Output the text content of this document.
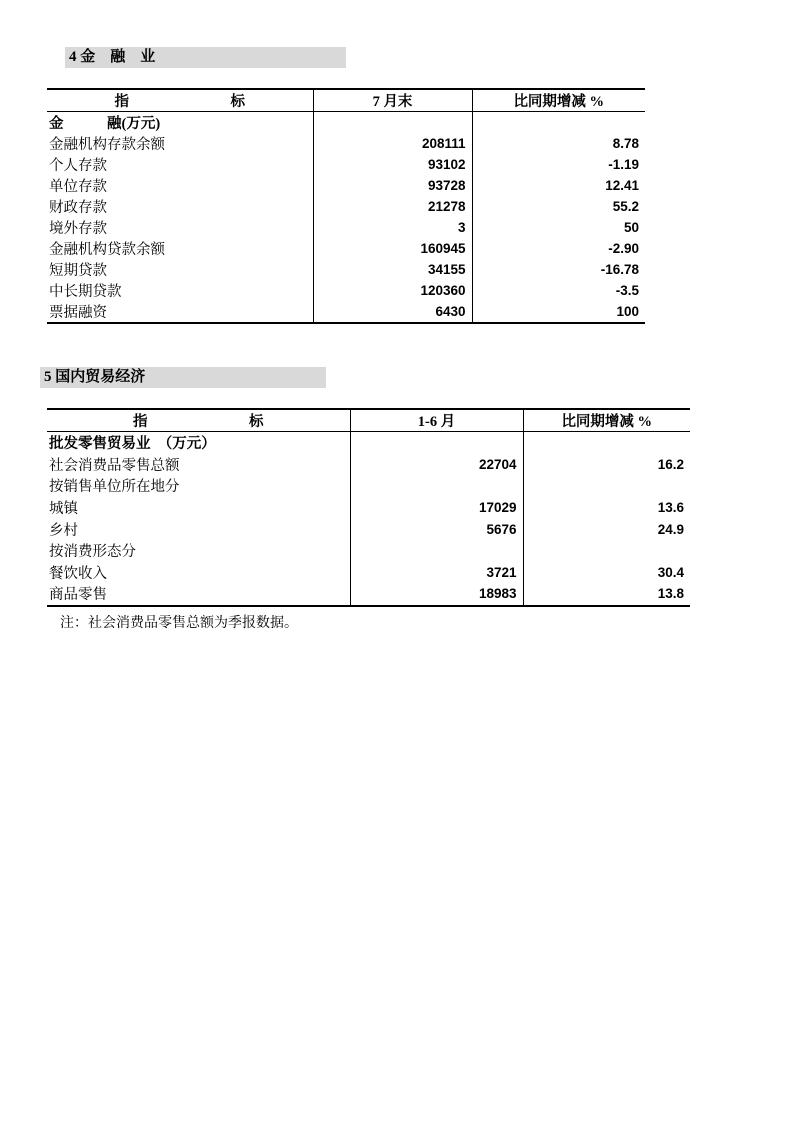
4 金　融　业
指　　　　　　　标	7 月末	比同期增减 %
金　　　融(万元)		
金融机构存款余额	208111	8.78
个人存款	93102	-1.19
单位存款	93728	12.41
财政存款	21278	55.2
境外存款	3	50
金融机构贷款余额	160945	-2.90
短期贷款	34155	-16.78
中长期贷款	120360	-3.5
票据融资	6430	100
5 国内贸易经济
指　　　　　　　标	1-6 月	比同期增减 %
批发零售贸易业　（万元）		
社会消费品零售总额	22704	16.2
按销售单位所在地分		
城镇	17029	13.6
乡村	5676	24.9
按消费形态分		
餐饮收入	3721	30.4
商品零售	18983	13.8
注：社会消费品零售总额为季报数据。
